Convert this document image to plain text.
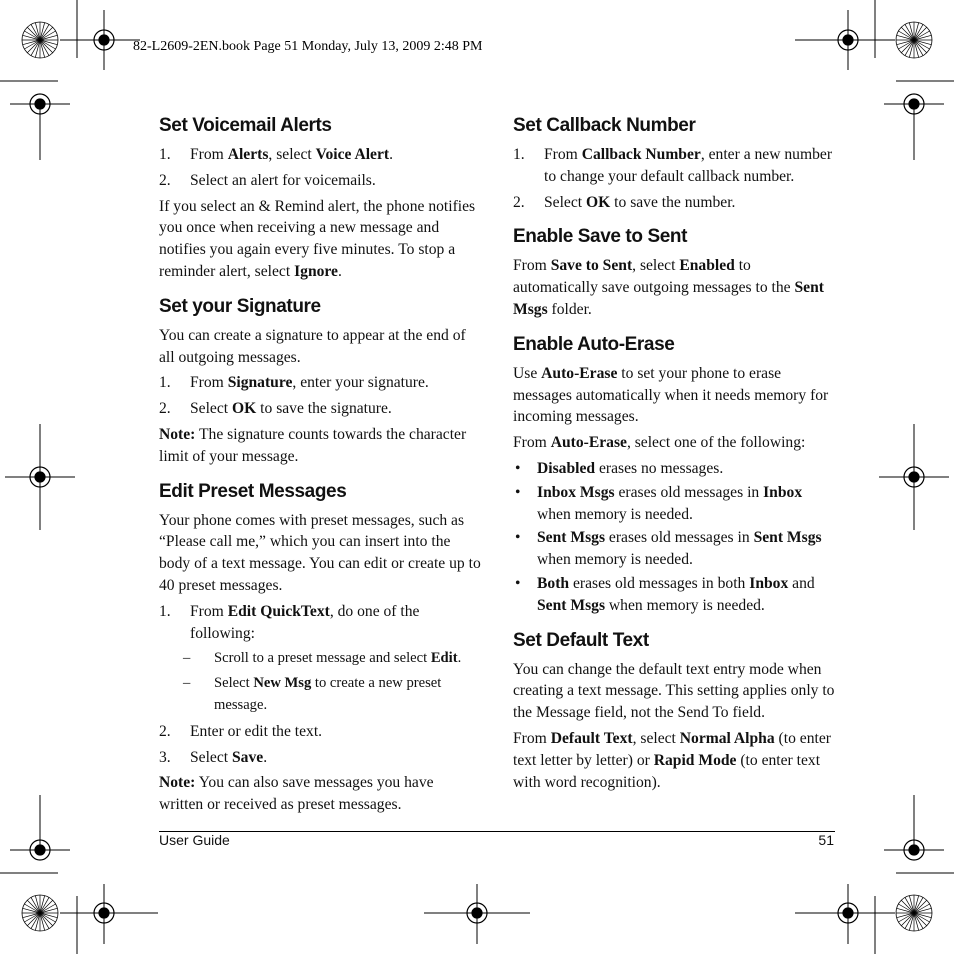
82-L2609-2EN.book Page 51 Monday, July 13, 2009 2:48 PM
Set Voicemail Alerts
1. From Alerts, select Voice Alert.
2. Select an alert for voicemails.

If you select an & Remind alert, the phone notifies you once when receiving a new message and notifies you again every five minutes. To stop a reminder alert, select Ignore.

Set your Signature

You can create a signature to appear at the end of all outgoing messages.

1. From Signature, enter your signature.
2. Select OK to save the signature.

Note: The signature counts towards the character limit of your message.

Edit Preset Messages

Your phone comes with preset messages, such as “Please call me,” which you can insert into the body of a text message. You can edit or create up to 40 preset messages.

1. From Edit QuickText, do one of the following:
– Scroll to a preset message and select Edit.
– Select New Msg to create a new preset message.
2. Enter or edit the text.
3. Select Save.

Note: You can also save messages you have written or received as preset messages.

Set Callback Number
1. From Callback Number, enter a new number to change your default callback number.
2. Select OK to save the number.
Enable Save to Sent

From Save to Sent, select Enabled to automatically save outgoing messages to the Sent Msgs folder.

Enable Auto-Erase

Use Auto-Erase to set your phone to erase messages automatically when it needs memory for incoming messages.

From Auto-Erase, select one of the following:

• Disabled erases no messages.
• Inbox Msgs erases old messages in Inbox when memory is needed.
• Sent Msgs erases old messages in Sent Msgs when memory is needed.
• Both erases old messages in both Inbox and Sent Msgs when memory is needed.
Set Default Text

You can change the default text entry mode when creating a text message. This setting applies only to the Message field, not the Send To field.

From Default Text, select Normal Alpha (to enter text letter by letter) or Rapid Mode (to enter text with word recognition).

User Guide	51
